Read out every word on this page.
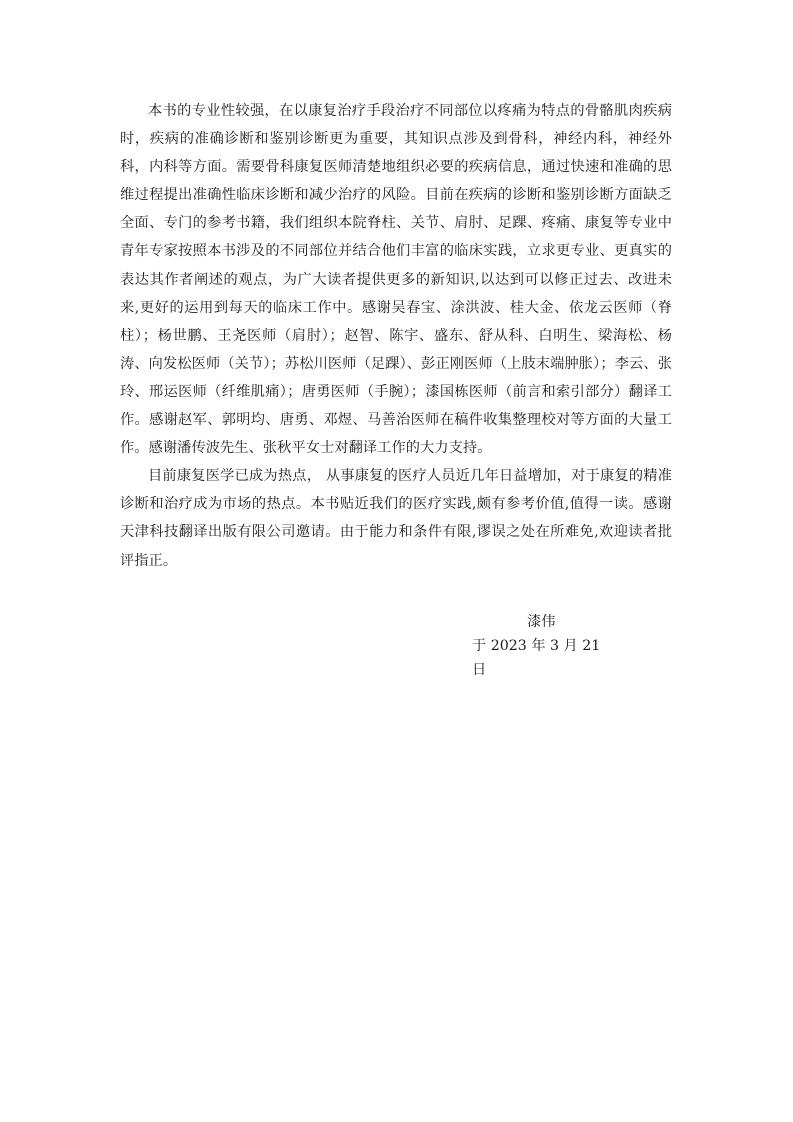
本书的专业性较强，在以康复治疗手段治疗不同部位以疼痛为特点的骨骼肌肉疾病时，疾病的准确诊断和鉴别诊断更为重要，其知识点涉及到骨科，神经内科，神经外科，内科等方面。需要骨科康复医师清楚地组织必要的疾病信息，通过快速和准确的思维过程提出准确性临床诊断和减少治疗的风险。目前在疾病的诊断和鉴别诊断方面缺乏全面、专门的参考书籍，我们组织本院脊柱、关节、肩肘、足踝、疼痛、康复等专业中青年专家按照本书涉及的不同部位并结合他们丰富的临床实践，立求更专业、更真实的表达其作者阐述的观点，为广大读者提供更多的新知识,以达到可以修正过去、改进未来,更好的运用到每天的临床工作中。感谢吴春宝、涂洪波、桂大金、依龙云医师（脊柱）；杨世鹏、王尧医师（肩肘）；赵智、陈宇、盛东、舒从科、白明生、梁海松、杨涛、向发松医师（关节）；苏松川医师（足踝）、彭正刚医师（上肢末端肿胀）；李云、张玲、邢运医师（纤维肌痛）；唐勇医师（手腕）；漆国栋医师（前言和索引部分）翻译工作。感谢赵军、郭明均、唐勇、邓煜、马善治医师在稿件收集整理校对等方面的大量工作。感谢潘传波先生、张秋平女士对翻译工作的大力支持。

目前康复医学已成为热点， 从事康复的医疗人员近几年日益增加，对于康复的精准诊断和治疗成为市场的热点。本书贴近我们的医疗实践,颇有参考价值,值得一读。感谢天津科技翻译出版有限公司邀请。由于能力和条件有限,谬误之处在所难免,欢迎读者批评指正。

漆伟
于 2023 年 3 月 21 日
